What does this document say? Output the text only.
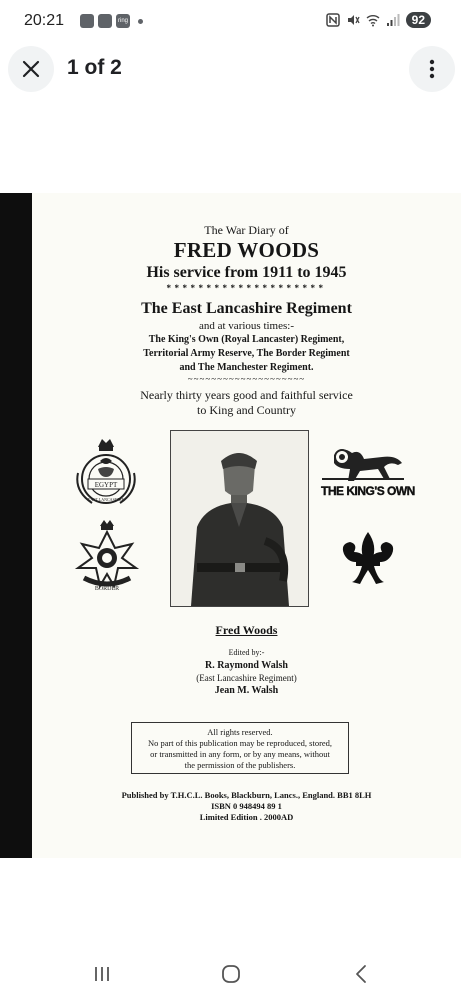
20:21	ring	92
1 of 2
The War Diary of
FRED WOODS
His service from 1911 to 1945
********************
The East Lancashire Regiment
and at various times:-
The King's Own (Royal Lancaster) Regiment,
Territorial Army Reserve, The Border Regiment
and The Manchester Regiment.
~~~~~~~~~~~~~~~~~~~~
Nearly thirty years good and faithful service
to King and Country
EGYPT
EAST LANCASHIRE
BORDER
THE KING'S OWN
Fred Woods
Edited by:-
R. Raymond Walsh
(East Lancashire Regiment)
Jean M. Walsh
All rights reserved.
No part of this publication may be reproduced, stored,
or transmitted in any form, or by any means, without
the permission of the publishers.
Published by T.H.C.L. Books, Blackburn, Lancs., England. BB1 8LH
ISBN 0 948494 89 1
Limited Edition . 2000AD
